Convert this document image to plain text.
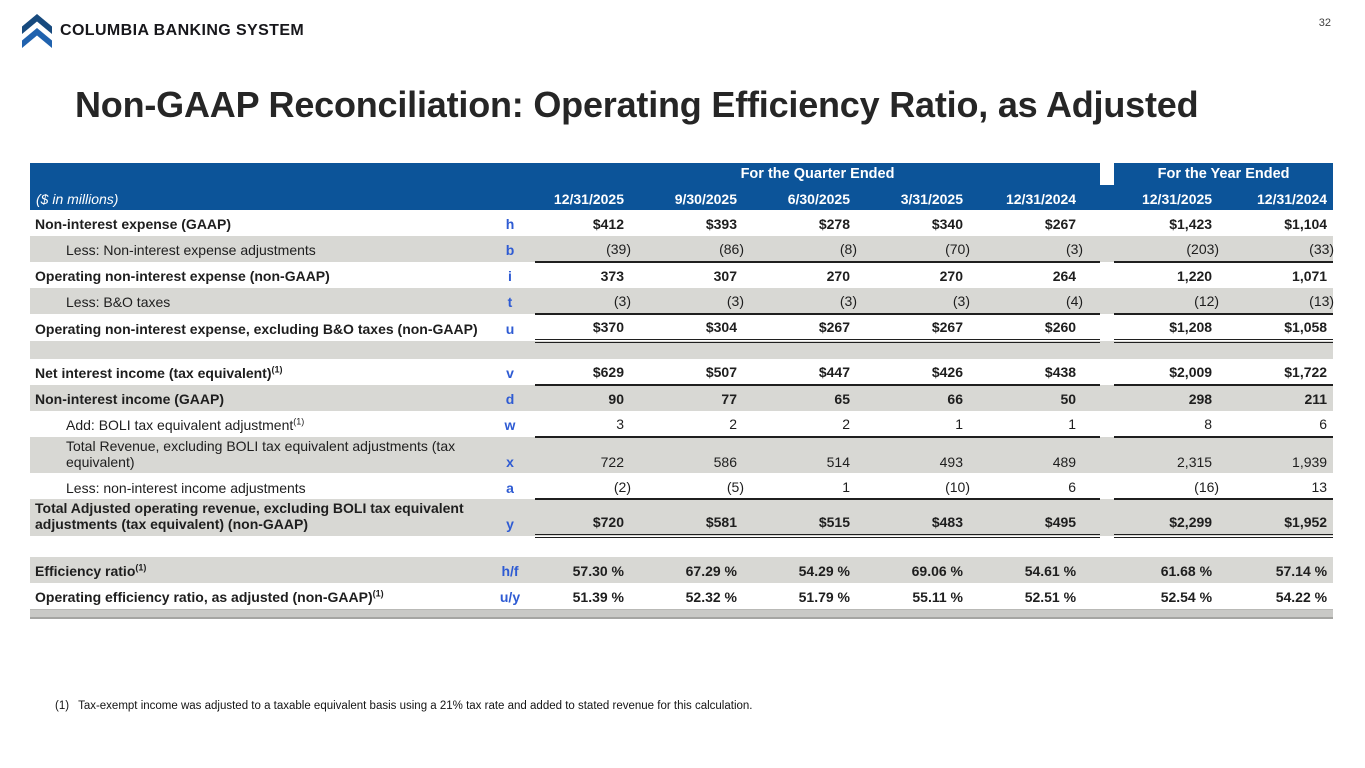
COLUMBIA BANKING SYSTEM	32
Non-GAAP Reconciliation: Operating Efficiency Ratio, as Adjusted
		For the Quarter Ended						For the Year Ended	
($ in millions)		12/31/2025	9/30/2025	6/30/2025	3/31/2025	12/31/2024		12/31/2025	12/31/2024
Non-interest expense (GAAP)	h	$412	$393	$278	$340	$267		$1,423	$1,104
Less: Non-interest expense adjustments	b	(39)	(86)	(8)	(70)	(3)		(203)	(33)
Operating non-interest expense (non-GAAP)	i	373	307	270	270	264		1,220	1,071
Less: B&O taxes	t	(3)	(3)	(3)	(3)	(4)		(12)	(13)
Operating non-interest expense, excluding B&O taxes (non-GAAP)	u	$370	$304	$267	$267	$260		$1,208	$1,058

Net interest income (tax equivalent)$^{(1)}$	v	$629	$507	$447	$426	$438		$2,009	$1,722
Non-interest income (GAAP)	d	90	77	65	66	50		298	211
Add: BOLI tax equivalent adjustment$^{(1)}$	w	3	2	2	1	1		8	6
Total Revenue, excluding BOLI tax equivalent adjustments (tax equivalent)	x	722	586	514	493	489		2,315	1,939
Less: non-interest income adjustments	a	(2)	(5)	1	(10)	6		(16)	13
Total Adjusted operating revenue, excluding BOLI tax equivalent adjustments (tax equivalent) (non-GAAP)	y	$720	$581	$515	$483	$495		$2,299	$1,952

Efficiency ratio$^{(1)}$	h/f	57.30 %	67.29 %	54.29 %	69.06 %	54.61 %		61.68 %	57.14 %
Operating efficiency ratio, as adjusted (non-GAAP)$^{(1)}$	u/y	51.39 %	52.32 %	51.79 %	55.11 %	52.51 %		52.54 %	54.22 %

(1) Tax-exempt income was adjusted to a taxable equivalent basis using a 21% tax rate and added to stated revenue for this calculation.
